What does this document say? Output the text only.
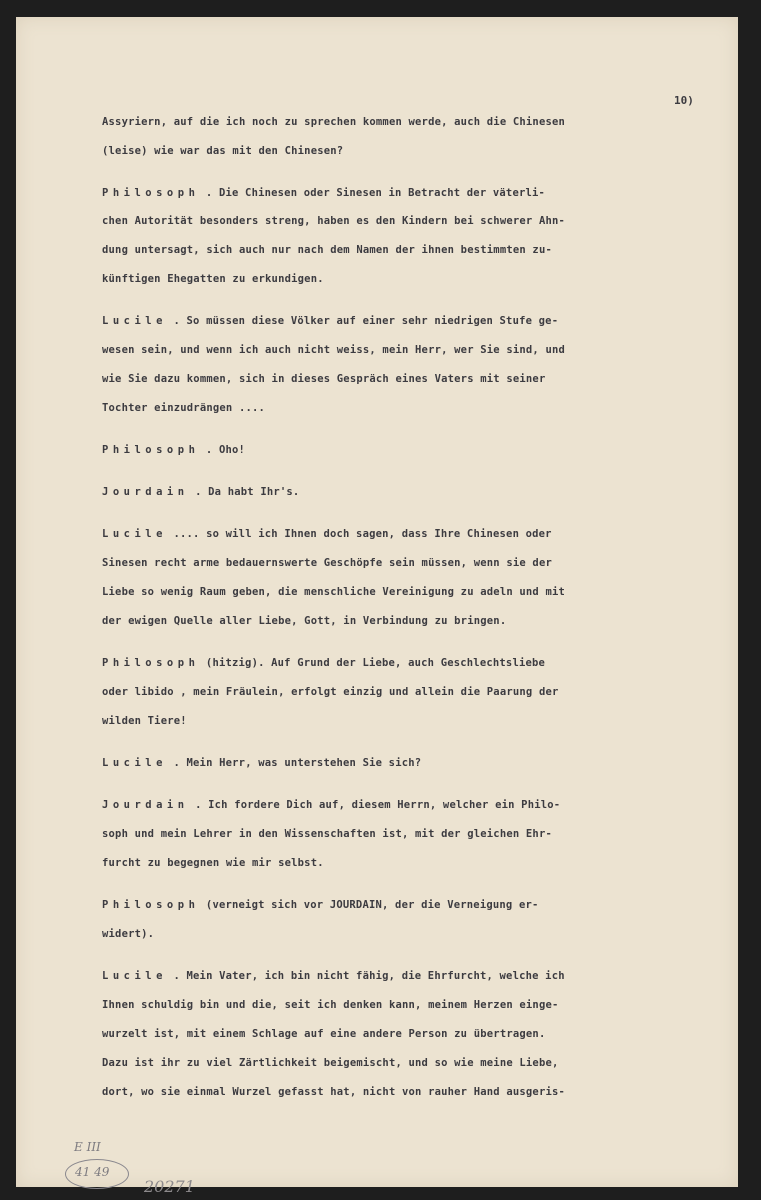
10)
Assyriern, auf die ich noch zu sprechen kommen werde, auch die Chinesen
(leise) wie war das mit den Chinesen?
Philosoph . Die Chinesen oder Sinesen in Betracht der väterli-
chen Autorität besonders streng, haben es den Kindern bei schwerer Ahn-
dung untersagt, sich auch nur nach dem Namen der ihnen bestimmten zu-
künftigen Ehegatten zu erkundigen.
Lucile . So müssen diese Völker auf einer sehr niedrigen Stufe ge-
wesen sein, und wenn ich auch nicht weiss, mein Herr, wer Sie sind, und
wie Sie dazu kommen, sich in dieses Gespräch eines Vaters mit seiner
Tochter einzudrängen ....
Philosoph . Oho!
Jourdain . Da habt Ihr's.
Lucile .... so will ich Ihnen doch sagen, dass Ihre Chinesen oder
Sinesen recht arme bedauernswerte Geschöpfe sein müssen, wenn sie der
Liebe so wenig Raum geben, die menschliche Vereinigung zu adeln und mit
der ewigen Quelle aller Liebe, Gott, in Verbindung zu bringen.
Philosoph (hitzig). Auf Grund der Liebe, auch Geschlechtsliebe
oder libido , mein Fräulein, erfolgt einzig und allein die Paarung der
wilden Tiere!
Lucile . Mein Herr, was unterstehen Sie sich?
Jourdain . Ich fordere Dich auf, diesem Herrn, welcher ein Philo-
soph und mein Lehrer in den Wissenschaften ist, mit der gleichen Ehr-
furcht zu begegnen wie mir selbst.
Philosoph (verneigt sich vor JOURDAIN, der die Verneigung er-
widert).
Lucile . Mein Vater, ich bin nicht fähig, die Ehrfurcht, welche ich
Ihnen schuldig bin und die, seit ich denken kann, meinem Herzen einge-
wurzelt ist, mit einem Schlage auf eine andere Person zu übertragen.
Dazu ist ihr zu viel Zärtlichkeit beigemischt, und so wie meine Liebe,
dort, wo sie einmal Wurzel gefasst hat, nicht von rauher Hand ausgeris-
E III
41 49
20271
